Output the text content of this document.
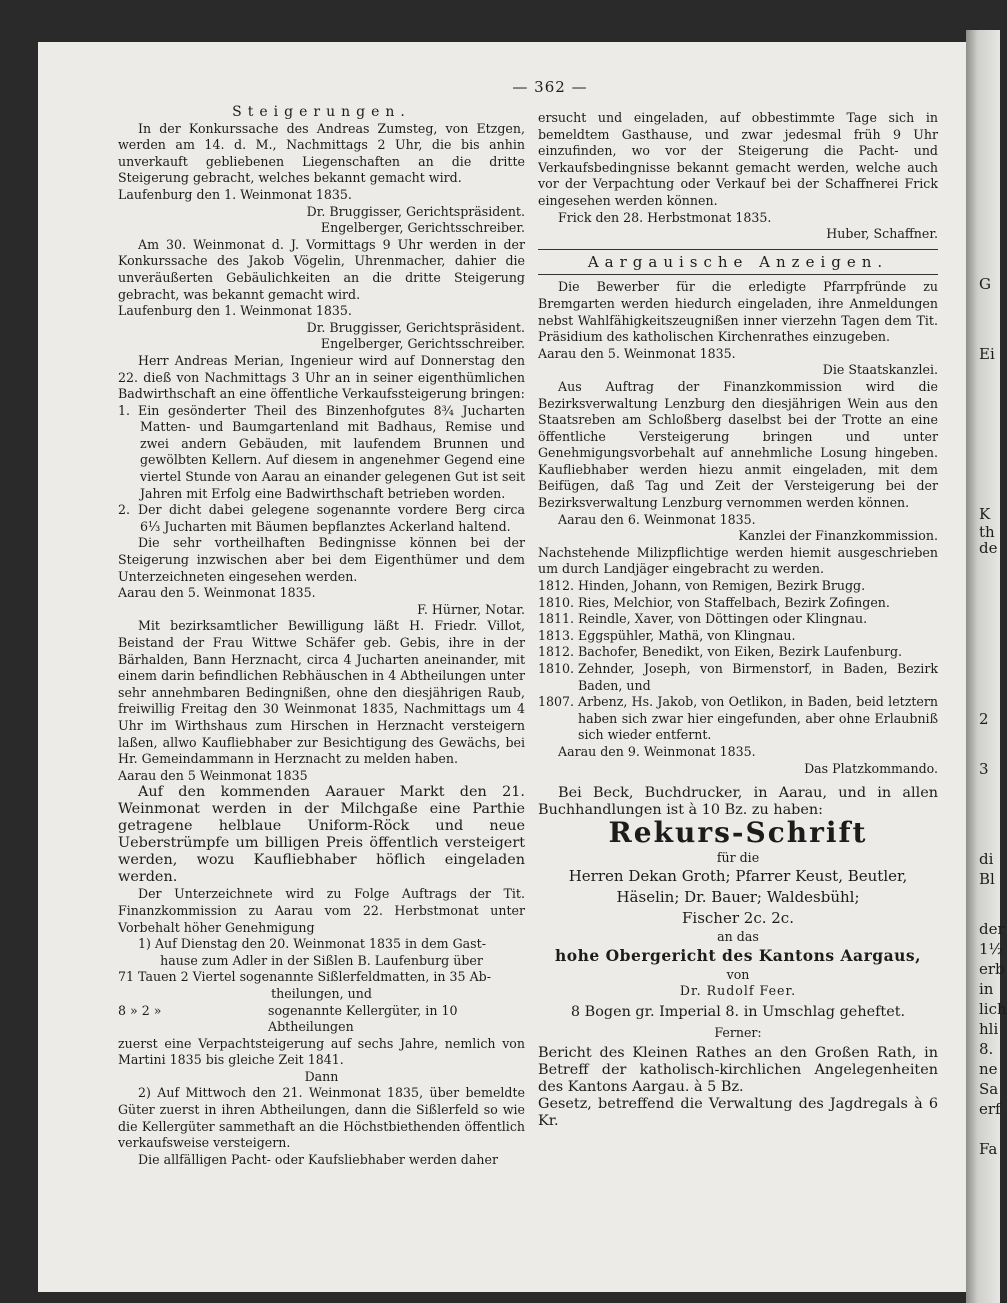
— 362 —
Steigerungen.

In der Konkurssache des Andreas Zumsteg, von Etzgen, werden am 14. d. M., Nachmittags 2 Uhr, die bis anhin unverkauft gebliebenen Liegenschaften an die dritte Steigerung gebracht, welches bekannt gemacht wird.

Laufenburg den 1. Weinmonat 1835.
Dr. Bruggisser, Gerichtspräsident.
Engelberger, Gerichtsschreiber.

Am 30. Weinmonat d. J. Vormittags 9 Uhr werden in der Konkurssache des Jakob Vögelin, Uhrenmacher, dahier die unveräußerten Gebäulichkeiten an die dritte Steigerung gebracht, was bekannt gemacht wird.

Laufenburg den 1. Weinmonat 1835.
Dr. Bruggisser, Gerichtspräsident.
Engelberger, Gerichtsschreiber.

Herr Andreas Merian, Ingenieur wird auf Donnerstag den 22. dieß von Nachmittags 3 Uhr an in seiner eigenthümlichen Badwirthschaft an eine öffentliche Verkaufssteigerung bringen:

1. Ein gesönderter Theil des Binzenhofgutes 8¾ Jucharten Matten- und Baumgartenland mit Badhaus, Remise und zwei andern Gebäuden, mit laufendem Brunnen und gewölbten Kellern. Auf diesem in angenehmer Gegend eine viertel Stunde von Aarau an einander gelegenen Gut ist seit Jahren mit Erfolg eine Badwirthschaft betrieben worden.

2. Der dicht dabei gelegene sogenannte vordere Berg circa 6⅓ Jucharten mit Bäumen bepflanztes Ackerland haltend.

Die sehr vortheilhaften Bedingnisse können bei der Steigerung inzwischen aber bei dem Eigenthümer und dem Unterzeichneten eingesehen werden.

Aarau den 5. Weinmonat 1835.
F. Hürner, Notar.

Mit bezirksamtlicher Bewilligung läßt H. Friedr. Villot, Beistand der Frau Wittwe Schäfer geb. Gebis, ihre in der Bärhalden, Bann Herznacht, circa 4 Jucharten aneinander, mit einem darin befindlichen Rebhäuschen in 4 Abtheilungen unter sehr annehmbaren Bedingnißen, ohne den diesjährigen Raub, freiwillig Freitag den 30 Weinmonat 1835, Nachmittags um 4 Uhr im Wirthshaus zum Hirschen in Herznacht versteigern laßen, allwo Kaufliebhaber zur Besichtigung des Gewächs, bei Hr. Gemeindammann in Herznacht zu melden haben.

Aarau den 5 Weinmonat 1835

Auf den kommenden Aarauer Markt den 21. Weinmonat werden in der Milchgaße eine Parthie getragene helblaue Uniform-Röck und neue Ueberstrümpfe um billigen Preis öffentlich versteigert werden, wozu Kaufliebhaber höflich eingeladen werden.

Der Unterzeichnete wird zu Folge Auftrags der Tit. Finanzkommission zu Aarau vom 22. Herbstmonat unter Vorbehalt höher Genehmigung

1) Auf Dienstag den 20. Weinmonat 1835 in dem Gast-
hause zum Adler in der Sißlen B. Laufenburg über
71 Tauen 2 Viertel sogenannte Sißlerfeldmatten, in 35 Ab-
theilungen, und
8 » 2 »	sogenannte Kellergüter, in 10 Abtheilungen

zuerst eine Verpachtsteigerung auf sechs Jahre, nemlich von Martini 1835 bis gleiche Zeit 1841.

Dann

2) Auf Mittwoch den 21. Weinmonat 1835, über bemeldte Güter zuerst in ihren Abtheilungen, dann die Sißlerfeld so wie die Kellergüter sammethaft an die Höchstbiethenden öffentlich verkaufsweise versteigern.

Die allfälligen Pacht- oder Kaufsliebhaber werden daher

ersucht und eingeladen, auf obbestimmte Tage sich in bemeldtem Gasthause, und zwar jedesmal früh 9 Uhr einzufinden, wo vor der Steigerung die Pacht- und Verkaufsbedingnisse bekannt gemacht werden, welche auch vor der Verpachtung oder Verkauf bei der Schaffnerei Frick eingesehen werden können.

Frick den 28. Herbstmonat 1835.
Huber, Schaffner.
Aargauische Anzeigen.

Die Bewerber für die erledigte Pfarrpfründe zu Bremgarten werden hiedurch eingeladen, ihre Anmeldungen nebst Wahlfähigkeitszeugnißen inner vierzehn Tagen dem Tit. Präsidium des katholischen Kirchenrathes einzugeben.

Aarau den 5. Weinmonat 1835.
Die Staatskanzlei.

Aus Auftrag der Finanzkommission wird die Bezirksverwaltung Lenzburg den diesjährigen Wein aus den Staatsreben am Schloßberg daselbst bei der Trotte an eine öffentliche Versteigerung bringen und unter Genehmigungsvorbehalt auf annehmliche Losung hingeben. Kaufliebhaber werden hiezu anmit eingeladen, mit dem Beifügen, daß Tag und Zeit der Versteigerung bei der Bezirksverwaltung Lenzburg vernommen werden können.

Aarau den 6. Weinmonat 1835.
Kanzlei der Finanzkommission.

Nachstehende Milizpflichtige werden hiemit ausgeschrieben um durch Landjäger eingebracht zu werden.

1812.	Hinden, Johann, von Remigen, Bezirk Brugg.
1810.	Ries, Melchior, von Staffelbach, Bezirk Zofingen.
1811.	Reindle, Xaver, von Döttingen oder Klingnau.
1813.	Eggspühler, Mathä, von Klingnau.
1812.	Bachofer, Benedikt, von Eiken, Bezirk Laufenburg.
1810.	Zehnder, Joseph, von Birmenstorf, in Baden, Bezirk Baden, und
1807.	Arbenz, Hs. Jakob, von Oetlikon, in Baden, beid letztern haben sich zwar hier eingefunden, aber ohne Erlaubniß sich wieder entfernt.
Aarau den 9. Weinmonat 1835.
Das Platzkommando.

Bei Beck, Buchdrucker, in Aarau, und in allen Buchhandlungen ist à 10 Bz. zu haben:

Rekurs-Schrift
für die
Herren Dekan Groth; Pfarrer Keust, Beutler,
Häselin; Dr. Bauer; Waldesbühl;
Fischer 2c. 2c.
an das
hohe Obergericht des Kantons Aargaus,
von
Dr. Rudolf Feer.
8 Bogen gr. Imperial 8. in Umschlag geheftet.
Ferner:

Bericht des Kleinen Rathes an den Großen Rath, in Betreff der katholisch-kirchlichen Angelegenheiten des Kantons Aargau. à 5 Bz.

Gesetz, betreffend die Verwaltung des Jagdregals à 6 Kr.

G
Ei
K
th
de
2
3
di
Bl
der
1½
erb
in
lich
hli
8.
ne
Sa
erf
Fa
